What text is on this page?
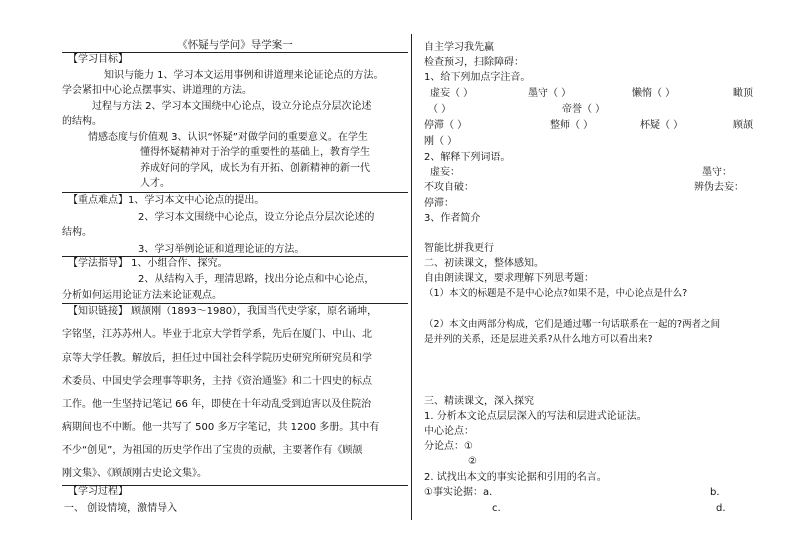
《怀疑与学问》导学案一
【学习目标】
知识与能力 1、学习本文运用事例和讲道理来论证论点的方法。
学会紧扣中心论点摆事实、讲道理的方法。
过程与方法 2、学习本文围绕中心论点，设立分论点分层次论述
的结构。
情感态度与价值观 3、认识“怀疑”对做学问的重要意义。在学生
懂得怀疑精神对于治学的重要性的基础上，教育学生
养成好问的学风，成长为有开拓、创新精神的新一代
人才。
【重点难点】1、学习本文中心论点的提出。
2、学习本文围绕中心论点，设立分论点分层次论述的
结构。
3、学习举例论证和道理论证的方法。
【学法指导】 1、小组合作、探究。
2、从结构入手，理清思路，找出分论点和中心论点，
分析如何运用论证方法来论证观点。
【知识链接】 顾颉刚（1893～1980），我国当代史学家，原名诵坤，
字铭坚，江苏苏州人。毕业于北京大学哲学系，先后在厦门、中山、北
京等大学任教。解放后，担任过中国社会科学院历史研究所研究员和学
术委员、中国史学会理事等职务，主持《资治通鉴》和二十四史的标点
工作。他一生坚持记笔记 66 年，即使在十年动乱受到迫害以及住院治
病期间也不中断。他一共写了 500 多万字笔记，共 1200 多册。其中有
不少“创见”，为祖国的历史学作出了宝贵的贡献，主要著作有《顾颉
刚文集》、《顾颉刚古史论文集》。
【学习过程】
一、 创设情境，激情导入
自主学习我先赢
检查预习，扫除障碍：
1、给下列加点字注音。
虚妄（ ）	墨守（ ）	懒惰（ ）	瞰顶
（ ）	帝誉（ ）
停滞（ ）	整师（ ）	杯疑（ ）	顾颉
刚（ ）
2、解释下列词语。
虚妄：	墨守：
不攻自破：	辨伪去妄：
停滞：
3、作者简介
智能比拼我更行
二、初读课文，整体感知。
自由朗读课文，要求理解下列思考题：
（1）本文的标题是不是中心论点?如果不是，中心论点是什么?
（2）本文由两部分构成，它们是通过哪一句话联系在一起的?两者之间
是并列的关系，还是层进关系?从什么地方可以看出来?
三、精读课文，深入探究
1. 分析本文论点层层深入的写法和层进式论证法。
中心论点：
分论点：①
②
2. 试找出本文的事实论据和引用的名言。
①事实论据：a.	b.
c.	d.
